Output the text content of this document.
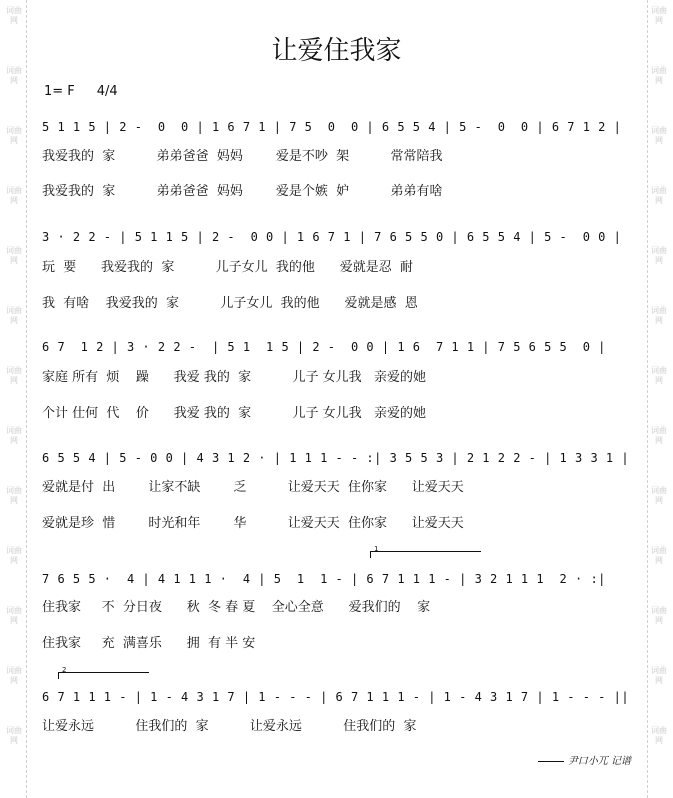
词曲网
词曲网
词曲网
词曲网
词曲网
词曲网
词曲网
词曲网
词曲网
词曲网
词曲网
词曲网
词曲网
词曲网
词曲网
词曲网
词曲网
词曲网
词曲网
词曲网
词曲网
词曲网
词曲网
词曲网
词曲网
词曲网
让爱住我家
1= F 4/4
5 1 1 5 | 2 -  0  0 | 1 6 7 1 | 7 5  0  0 | 6 5 5 4 | 5 -  0  0 | 6 7 1 2 |
我爱我的  家          弟弟爸爸  妈妈        爱是不吵  架          常常陪我
我爱我的  家          弟弟爸爸  妈妈        爱是个嫉  妒          弟弟有啥
3 · 2 2 - | 5 1 1 5 | 2 -  0 0 | 1 6 7 1 | 7 6 5 5 0 | 6 5 5 4 | 5 -  0 0 |
玩  要      我爱我的  家          儿子女儿  我的他      爱就是忍  耐
我  有啥    我爱我的  家          儿子女儿  我的他      爱就是感  恩
6 7  1 2 | 3 · 2 2 -  | 5 1  1 5 | 2 -  0 0 | 1 6  7 1 1 | 7 5 6 5 5  0 |
家庭 所有  烦    躁      我爱 我的  家          儿子 女儿我   亲爱的她
个计 仕何  代    价      我爱 我的  家          儿子 女儿我   亲爱的她
6 5 5 4 | 5 - 0 0 | 4 3 1 2 · | 1 1 1 - - :| 3 5 5 3 | 2 1 2 2 - | 1 3 3 1 |
爱就是付  出        让家不缺        乏          让爱天天  住你家      让爱天天
爱就是珍  惜        时光和年        华          让爱天天  住你家      让爱天天
1
7 6 5 5 ·  4 | 4 1 1 1 ·  4 | 5  1  1 - | 6 7 1 1 1 - | 3 2 1 1 1  2 · :|
住我家     不  分日夜      秋  冬 春 夏    全心全意      爱我们的    家
住我家     充  满喜乐      拥  有 半 安
2
6 7 1 1 1 - | 1 - 4 3 1 7 | 1 - - - | 6 7 1 1 1 - | 1 - 4 3 1 7 | 1 - - - ||
让爱永远          住我们的  家          让爱永远          住我们的  家
尹口小兀 记谱
